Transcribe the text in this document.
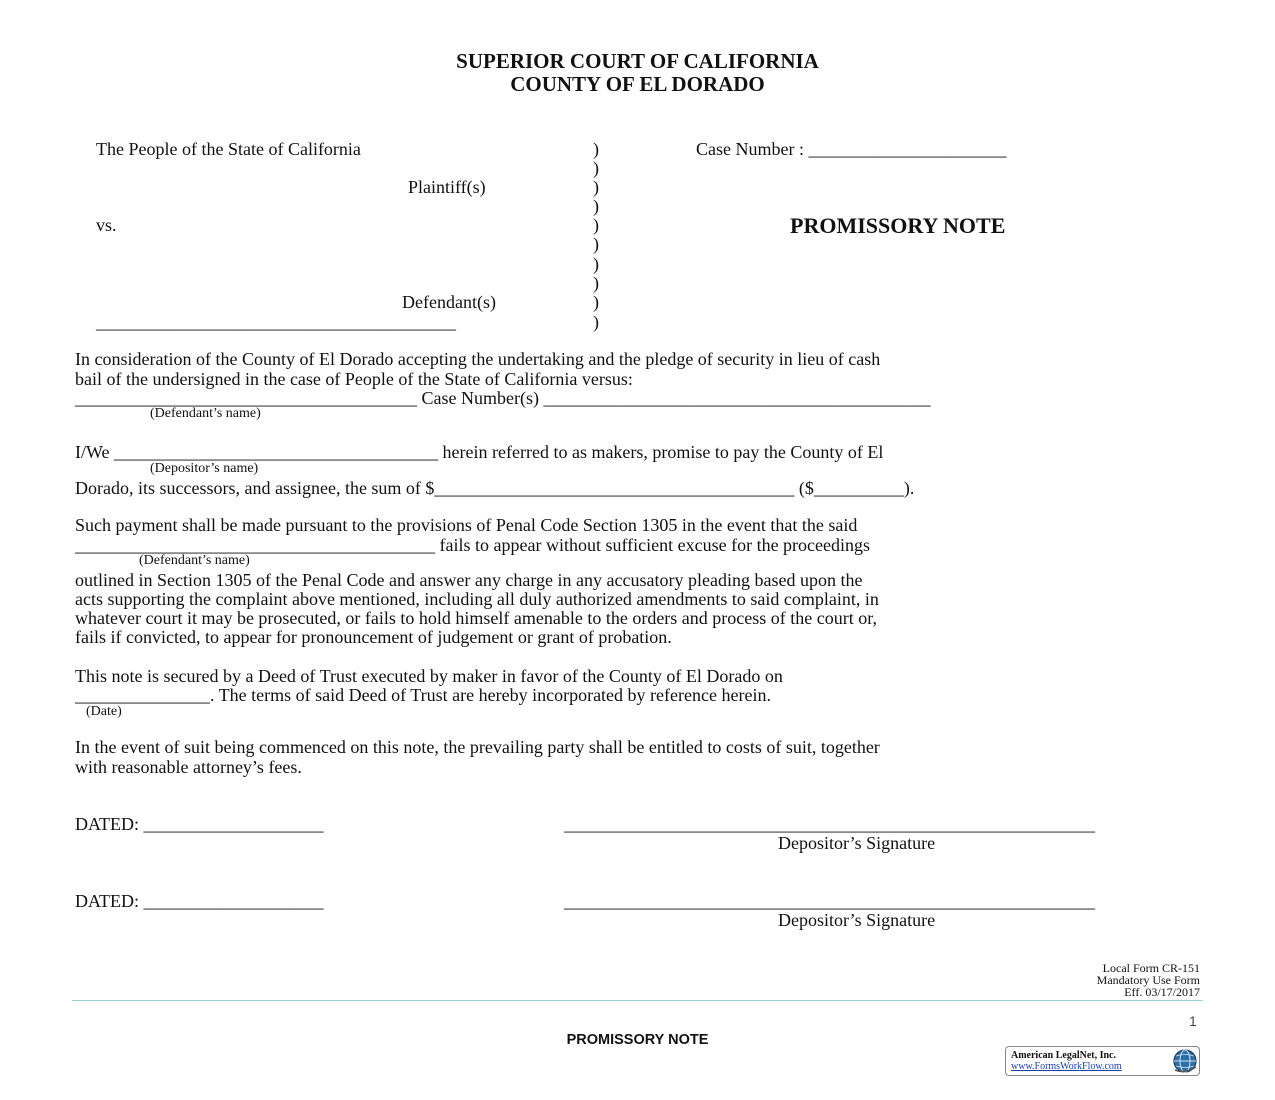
SUPERIOR COURT OF CALIFORNIA
COUNTY OF EL DORADO
The People of the State of California
Plaintiff(s)
vs.
Defendant(s)
________________________________________
)
)
)
)
)
)
)
)
)
)
Case Number : ______________________
PROMISSORY NOTE
In consideration of the County of El Dorado accepting the undertaking and the pledge of security in lieu of cash
bail of the undersigned in the case of People of the State of California versus:
______________________________________ Case Number(s) ___________________________________________
(Defendant’s name)
I/We ____________________________________ herein referred to as makers, promise to pay the County of El
(Depositor’s name)
Dorado, its successors, and assignee, the sum of $________________________________________ ($__________).
Such payment shall be made pursuant to the provisions of Penal Code Section 1305 in the event that the said
________________________________________ fails to appear without sufficient excuse for the proceedings
(Defendant’s name)
outlined in Section 1305 of the Penal Code and answer any charge in any accusatory pleading based upon the
acts supporting the complaint above mentioned, including all duly authorized amendments to said complaint, in
whatever court it may be prosecuted, or fails to hold himself amenable to the orders and process of the court or,
fails if convicted, to appear for pronouncement of judgement or grant of probation.
This note is secured by a Deed of Trust executed by maker in favor of the County of El Dorado on
_______________. The terms of said Deed of Trust are hereby incorporated by reference herein.
(Date)
In the event of suit being commenced on this note, the prevailing party shall be entitled to costs of suit, together
with reasonable attorney’s fees.
DATED: ____________________	___________________________________________________________
Depositor’s Signature
DATED: ____________________	___________________________________________________________
Depositor’s Signature
Local Form CR-151
Mandatory Use Form
Eff. 03/17/2017
1
PROMISSORY NOTE
American LegalNet, Inc.
www.FormsWorkFlow.com
